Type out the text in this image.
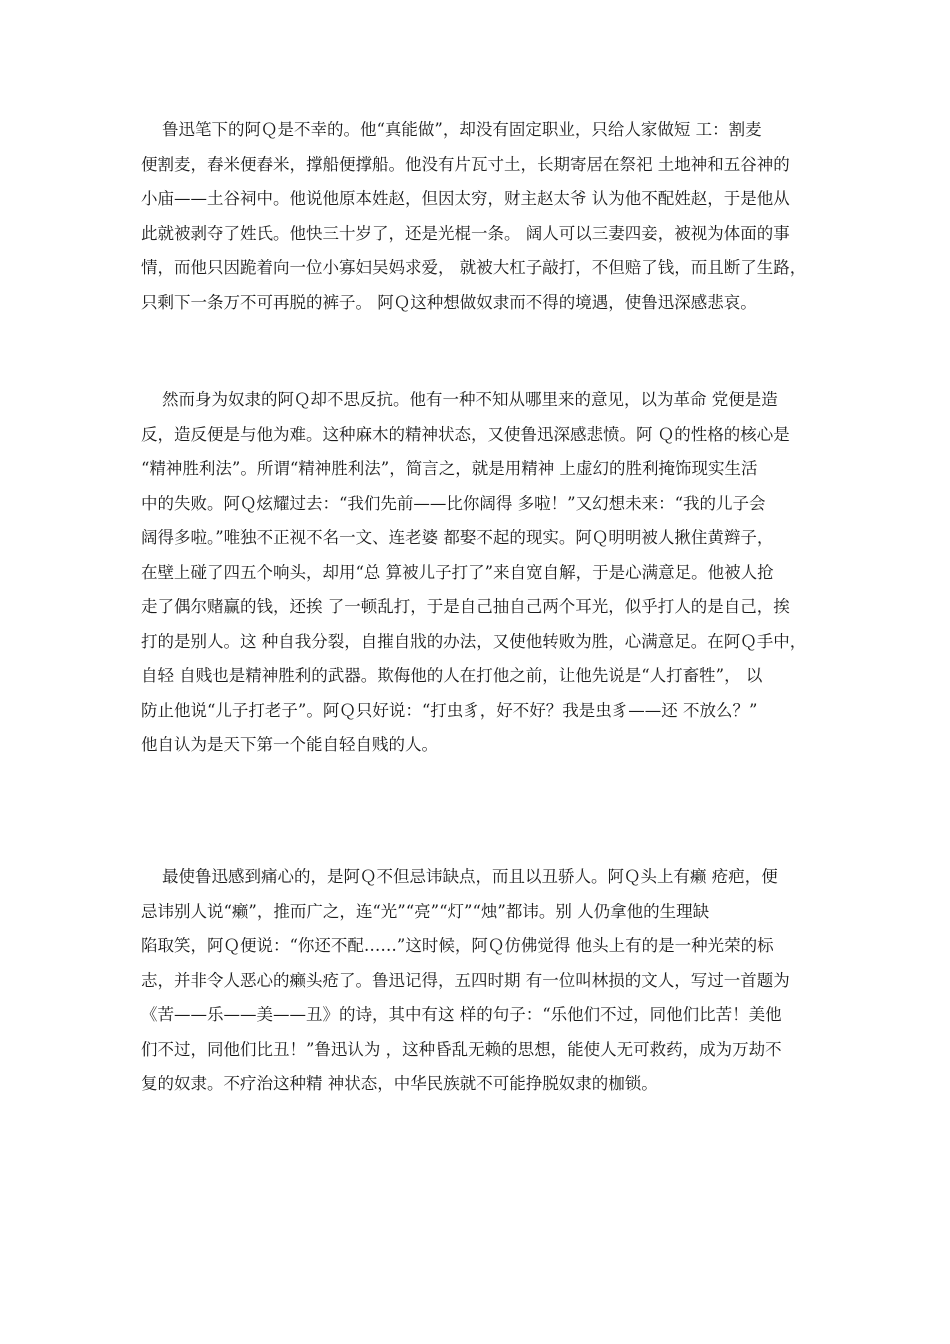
鲁迅笔下的阿Ｑ是不幸的。他“真能做”，却没有固定职业，只给人家做短 工：割麦
便割麦，舂米便舂米，撑船便撑船。他没有片瓦寸土，长期寄居在祭祀 土地神和五谷神的
小庙——土谷祠中。他说他原本姓赵，但因太穷，财主赵太爷 认为他不配姓赵，于是他从
此就被剥夺了姓氏。他快三十岁了，还是光棍一条。 阔人可以三妻四妾，被视为体面的事
情，而他只因跪着向一位小寡妇吴妈求爱， 就被大杠子敲打，不但赔了钱，而且断了生路，
只剩下一条万不可再脱的裤子。 阿Ｑ这种想做奴隶而不得的境遇，使鲁迅深感悲哀。
然而身为奴隶的阿Ｑ却不思反抗。他有一种不知从哪里来的意见，以为革命 党便是造
反，造反便是与他为难。这种麻木的精神状态，又使鲁迅深感悲愤。阿 Ｑ的性格的核心是
“精神胜利法”。所谓“精神胜利法”，简言之，就是用精神 上虚幻的胜利掩饰现实生活
中的失败。阿Ｑ炫耀过去：“我们先前——比你阔得 多啦！”又幻想未来：“我的儿子会
阔得多啦。”唯独不正视不名一文、连老婆 都娶不起的现实。阿Ｑ明明被人揪住黄辫子，
在壁上碰了四五个响头，却用“总 算被儿子打了”来自宽自解，于是心满意足。他被人抢
走了偶尔赌赢的钱，还挨 了一顿乱打，于是自己抽自己两个耳光，似乎打人的是自己，挨
打的是别人。这 种自我分裂，自摧自戕的办法，又使他转败为胜，心满意足。在阿Ｑ手中，
自轻 自贱也是精神胜利的武器。欺侮他的人在打他之前，让他先说是“人打畜牲”， 以
防止他说“儿子打老子”。阿Ｑ只好说：“打虫豸，好不好？我是虫豸——还 不放么？”
他自认为是天下第一个能自轻自贱的人。
最使鲁迅感到痛心的，是阿Ｑ不但忌讳缺点，而且以丑骄人。阿Ｑ头上有癞 疮疤，便
忌讳别人说“癞”，推而广之，连“光”“亮”“灯”“烛”都讳。别 人仍拿他的生理缺
陷取笑，阿Ｑ便说：“你还不配……”这时候，阿Ｑ仿佛觉得 他头上有的是一种光荣的标
志，并非令人恶心的癞头疮了。鲁迅记得，五四时期 有一位叫林损的文人，写过一首题为
《苦——乐——美——丑》的诗，其中有这 样的句子：“乐他们不过，同他们比苦！美他
们不过，同他们比丑！”鲁迅认为 ，这种昏乱无赖的思想，能使人无可救药，成为万劫不
复的奴隶。不疗治这种精 神状态，中华民族就不可能挣脱奴隶的枷锁。
